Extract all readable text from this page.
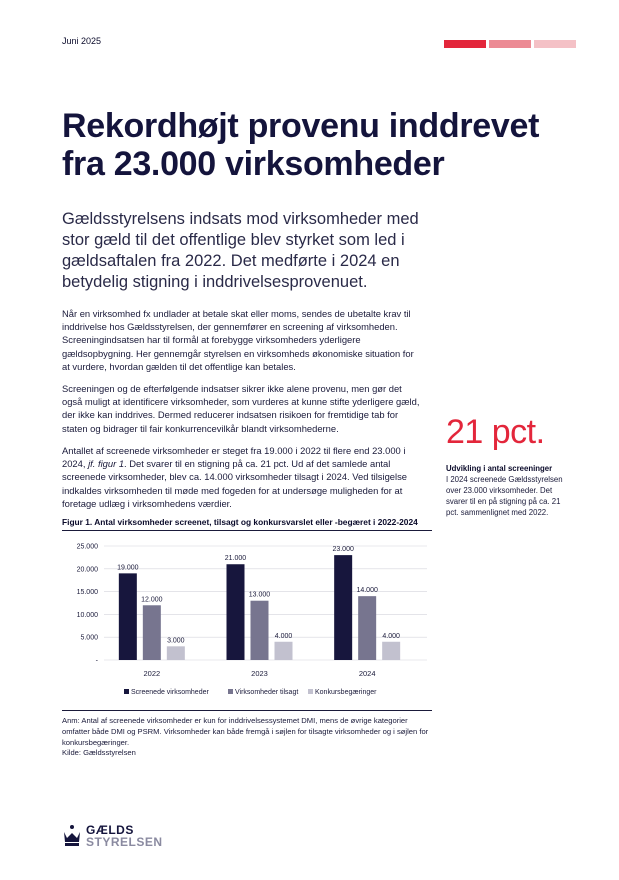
Juni 2025
Rekordhøjt provenu inddrevet fra 23.000 virksomheder

Gældsstyrelsens indsats mod virksomheder med stor gæld til det offentlige blev styrket som led i gældsaftalen fra 2022. Det medførte i 2024 en betydelig stigning i inddrivelsesprovenuet.

Når en virksomhed fx undlader at betale skat eller moms, sendes de ubetalte krav til inddrivelse hos Gældsstyrelsen, der gennemfører en screening af virksomheden. Screeningindsatsen har til formål at forebygge virksomheders yderligere gældsopbygning. Her gennemgår styrelsen en virksomheds økonomiske situation for at vurdere, hvordan gælden til det offentlige kan betales.

Screeningen og de efterfølgende indsatser sikrer ikke alene provenu, men gør det også muligt at identificere virksomheder, som vurderes at kunne stifte yderligere gæld, der ikke kan inddrives. Dermed reducerer indsatsen risikoen for fremtidige tab for staten og bidrager til fair konkurrencevilkår blandt virksomhederne.

Antallet af screenede virksomheder er steget fra 19.000 i 2022 til flere end 23.000 i 2024, jf. figur 1. Det svarer til en stigning på ca. 21 pct. Ud af det samlede antal screenede virksomheder, blev ca. 14.000 virksomheder tilsagt i 2024. Ved tilsigelse indkaldes virksomheden til møde med fogeden for at undersøge muligheden for at foretage udlæg i virksomhedens værdier.

21 pct.
Udvikling i antal screeninger

I 2024 screenede Gældsstyrelsen over 23.000 virksomheder. Det svarer til en på stigning på ca. 21 pct. sammenlignet med 2022.

Figur 1. Antal virksomheder screenet, tilsagt og konkursvarslet eller -begæret i 2022-2024
-
5.000
10.000
15.000
20.000
25.000
19.000
12.000
3.000
21.000
13.000
4.000
23.000
14.000
4.000
2022	2023	2024
Screenede virksomheder	Virksomheder tilsagt Konkursbegæringer

Anm: Antal af screenede virksomheder er kun for inddrivelsessystemet DMI, mens de øvrige kategorier omfatter både DMI og PSRM. Virksomheder kan både fremgå i søjlen for tilsagte virksomheder og i søjlen for konkursbegæringer.
Kilde: Gældsstyrelsen

GÆLDS
STYRELSEN
